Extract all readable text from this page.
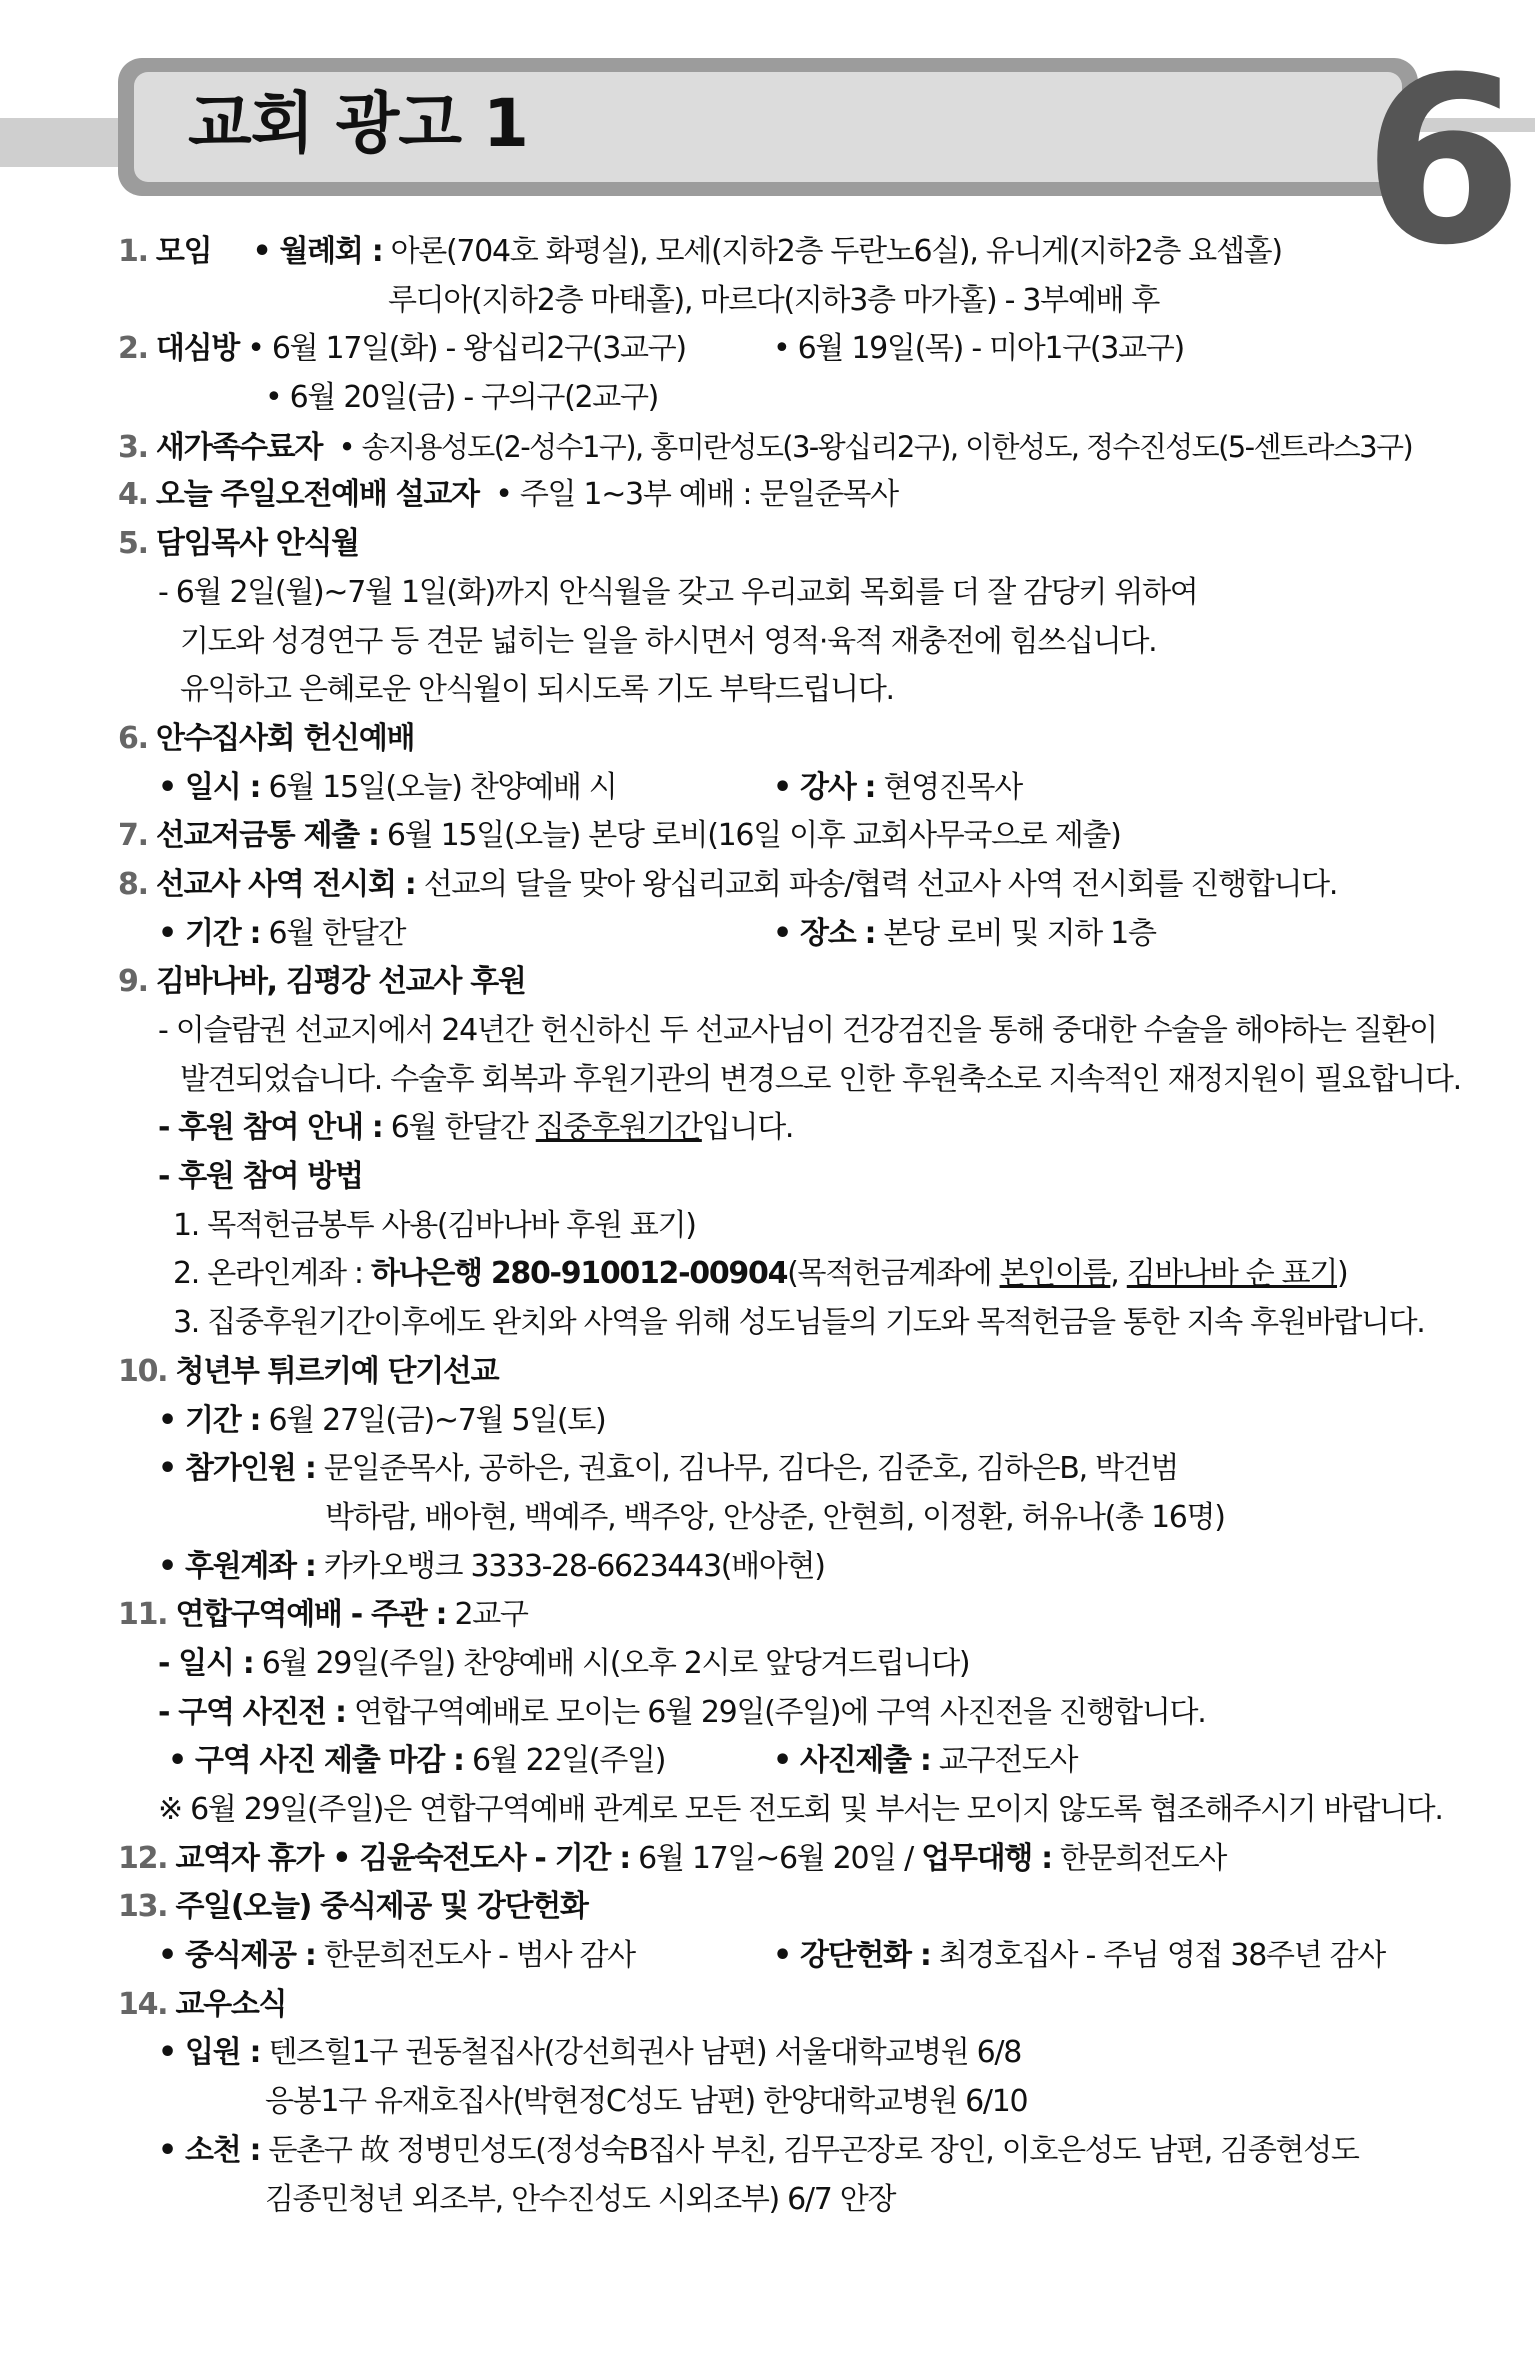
교회 광고 1	6
1. 모임 • 월례회 : 아론(704호 화평실), 모세(지하2층 두란노6실), 유니게(지하2층 요셉홀)
루디아(지하2층 마태홀), 마르다(지하3층 마가홀) - 3부예배 후
2. 대심방 • 6월 17일(화) - 왕십리2구(3교구)	• 6월 19일(목) - 미아1구(3교구)
• 6월 20일(금) - 구의구(2교구)
3. 새가족수료자 • 송지용성도(2-성수1구), 홍미란성도(3-왕십리2구), 이한성도, 정수진성도(5-센트라스3구)
4. 오늘 주일오전예배 설교자 • 주일 1~3부 예배 : 문일준목사
5. 담임목사 안식월
- 6월 2일(월)~7월 1일(화)까지 안식월을 갖고 우리교회 목회를 더 잘 감당키 위하여
기도와 성경연구 등 견문 넓히는 일을 하시면서 영적·육적 재충전에 힘쓰십니다.
유익하고 은혜로운 안식월이 되시도록 기도 부탁드립니다.
6. 안수집사회 헌신예배
• 일시 : 6월 15일(오늘) 찬양예배 시	• 강사 : 현영진목사
7. 선교저금통 제출 : 6월 15일(오늘) 본당 로비(16일 이후 교회사무국으로 제출)
8. 선교사 사역 전시회 : 선교의 달을 맞아 왕십리교회 파송/협력 선교사 사역 전시회를 진행합니다.
• 기간 : 6월 한달간	• 장소 : 본당 로비 및 지하 1층
9. 김바나바, 김평강 선교사 후원
- 이슬람권 선교지에서 24년간 헌신하신 두 선교사님이 건강검진을 통해 중대한 수술을 해야하는 질환이
발견되었습니다. 수술후 회복과 후원기관의 변경으로 인한 후원축소로 지속적인 재정지원이 필요합니다.
- 후원 참여 안내 : 6월 한달간 집중후원기간입니다.
- 후원 참여 방법
1. 목적헌금봉투 사용(김바나바 후원 표기)
2. 온라인계좌 : 하나은행 280-910012-00904(목적헌금계좌에 본인이름, 김바나바 순 표기)
3. 집중후원기간이후에도 완치와 사역을 위해 성도님들의 기도와 목적헌금을 통한 지속 후원바랍니다.
10. 청년부 튀르키예 단기선교
• 기간 : 6월 27일(금)~7월 5일(토)
• 참가인원 : 문일준목사, 공하은, 권효이, 김나무, 김다은, 김준호, 김하은B, 박건범
박하람, 배아현, 백예주, 백주앙, 안상준, 안현희, 이정환, 허유나(총 16명)
• 후원계좌 : 카카오뱅크 3333-28-6623443(배아현)
11. 연합구역예배 - 주관 : 2교구
- 일시 : 6월 29일(주일) 찬양예배 시(오후 2시로 앞당겨드립니다)
- 구역 사진전 : 연합구역예배로 모이는 6월 29일(주일)에 구역 사진전을 진행합니다.
• 구역 사진 제출 마감 : 6월 22일(주일)	• 사진제출 : 교구전도사
※ 6월 29일(주일)은 연합구역예배 관계로 모든 전도회 및 부서는 모이지 않도록 협조해주시기 바랍니다.
12. 교역자 휴가 • 김윤숙전도사 - 기간 : 6월 17일~6월 20일 / 업무대행 : 한문희전도사
13. 주일(오늘) 중식제공 및 강단헌화
• 중식제공 : 한문희전도사 - 범사 감사	• 강단헌화 : 최경호집사 - 주님 영접 38주년 감사
14. 교우소식
• 입원 : 텐즈힐1구 권동철집사(강선희권사 남편) 서울대학교병원 6/8
응봉1구 유재호집사(박현정C성도 남편) 한양대학교병원 6/10
• 소천 : 둔촌구 故 정병민성도(정성숙B집사 부친, 김무곤장로 장인, 이호은성도 남편, 김종현성도
김종민청년 외조부, 안수진성도 시외조부) 6/7 안장
